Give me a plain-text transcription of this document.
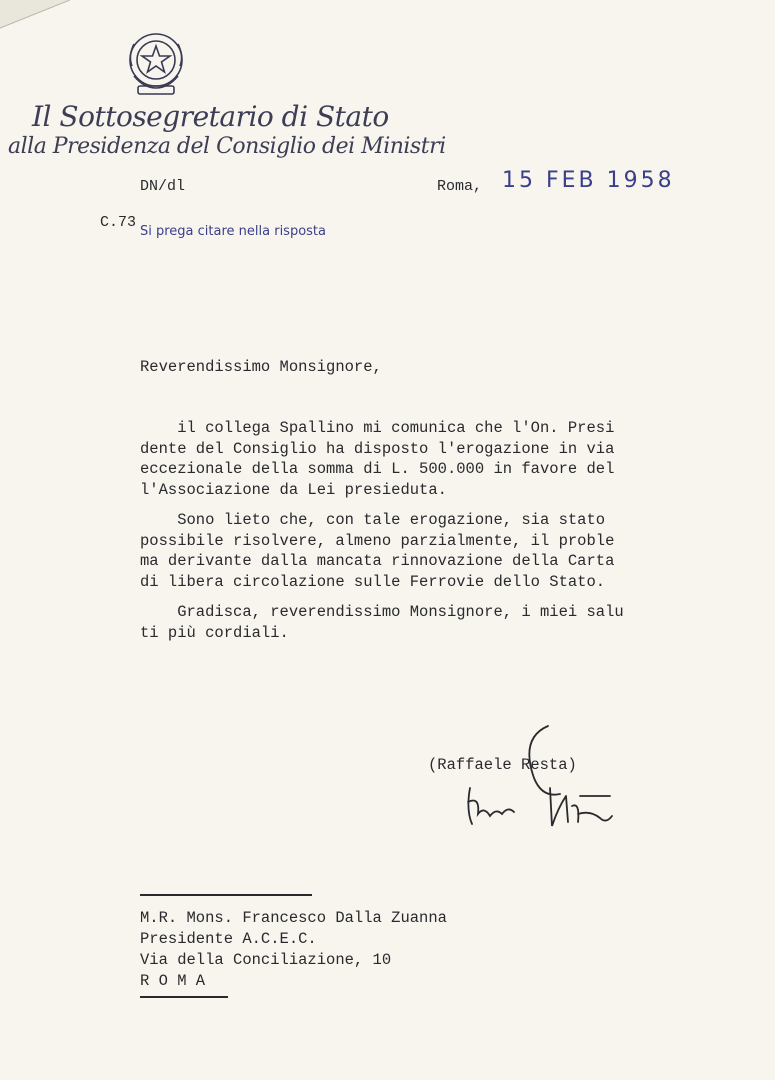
Il Sottosegretario di Stato
alla Presidenza del Consiglio dei Ministri
DN/dl	Roma, 15 FEB 1958
C.73
Si prega citare nella risposta
Reverendissimo Monsignore,
il collega Spallino mi comunica che l'On. Presi
dente del Consiglio ha disposto l'erogazione in via
eccezionale della somma di L. 500.000 in favore del
l'Associazione da Lei presieduta.
Sono lieto che, con tale erogazione, sia stato
possibile risolvere, almeno parzialmente, il proble
ma derivante dalla mancata rinnovazione della Carta
di libera circolazione sulle Ferrovie dello Stato.
Gradisca, reverendissimo Monsignore, i miei salu
ti più cordiali.
(Raffaele Resta)
M.R. Mons. Francesco Dalla Zuanna
Presidente A.C.E.C.
Via della Conciliazione, 10
R O M A
